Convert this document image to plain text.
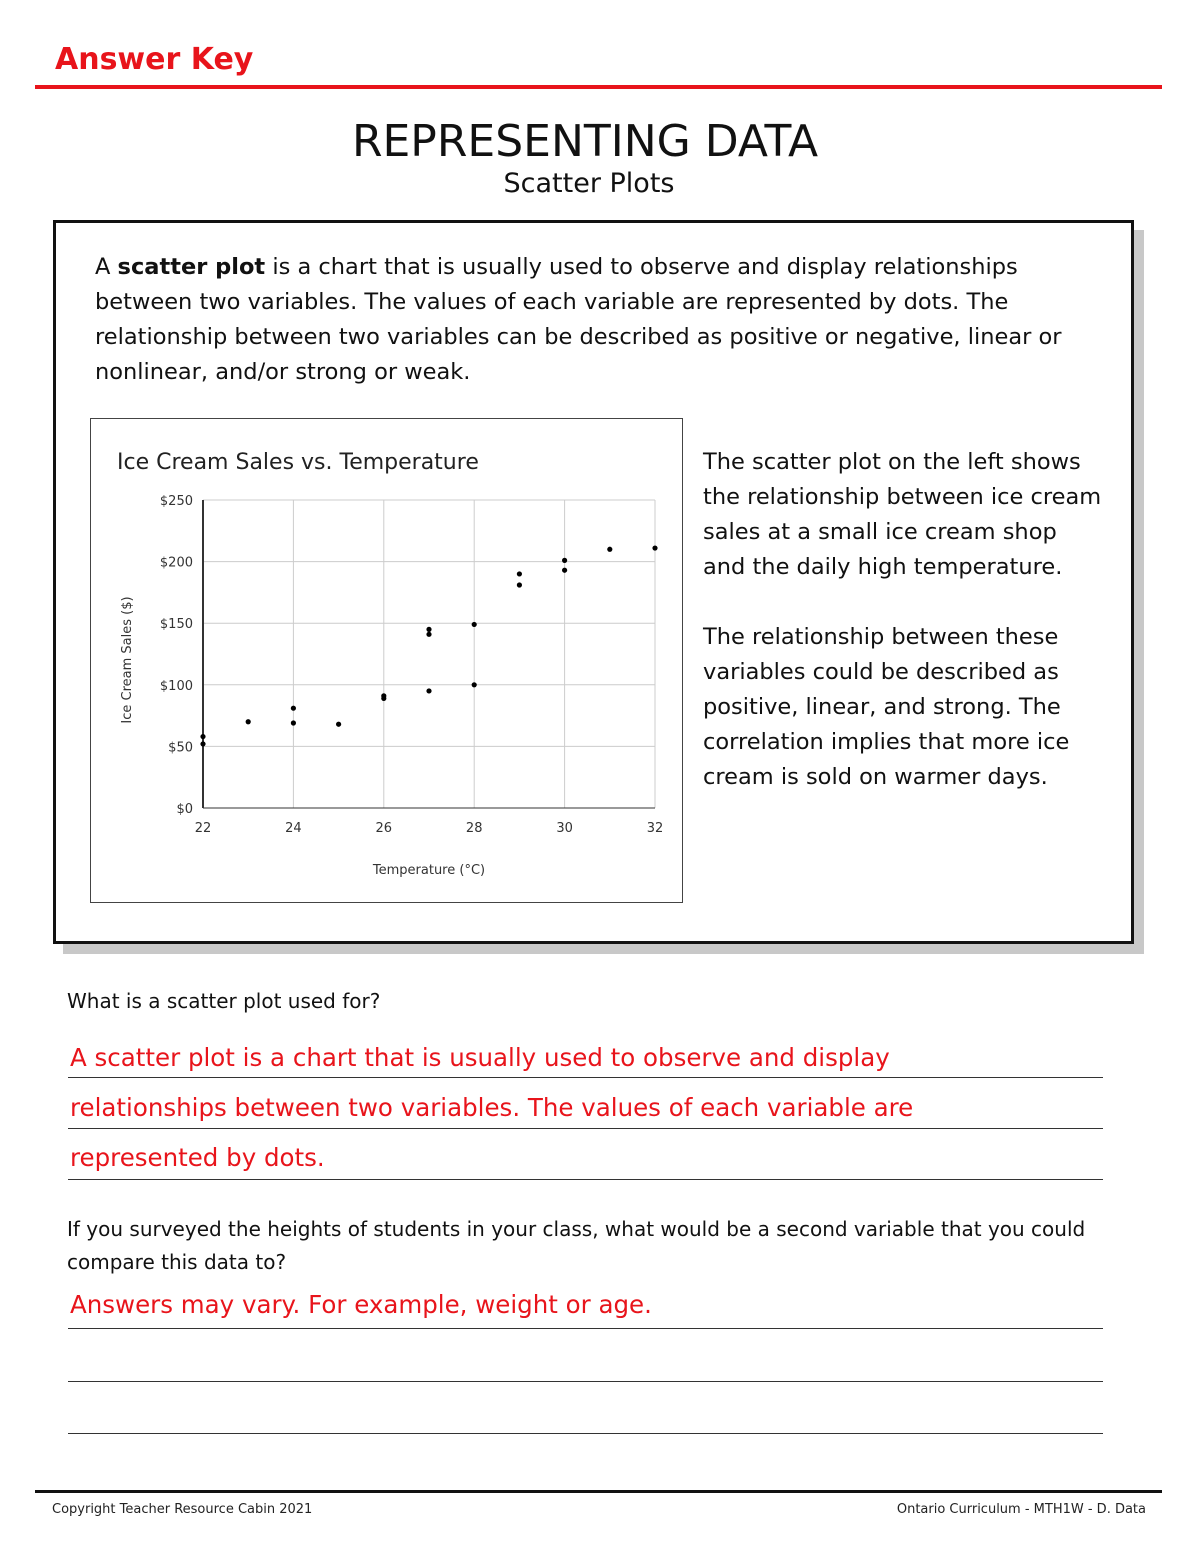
Answer Key
REPRESENTING DATA
Scatter Plots
A scatter plot is a chart that is usually used to observe and display relationships between two variables. The values of each variable are represented by dots. The relationship between two variables can be described as positive or negative, linear or nonlinear, and/or strong or weak.
Ice Cream Sales vs. Temperature
22	24	26	28	30	32
$0
$50
$100
$150
$200
$250
Temperature (°C)
Ice Cream Sales ($)

The scatter plot on the left shows the relationship between ice cream sales at a small ice cream shop and the daily high temperature.

The relationship between these variables could be described as positive, linear, and strong. The correlation implies that more ice cream is sold on warmer days.

What is a scatter plot used for?
A scatter plot is a chart that is usually used to observe and display
relationships between two variables. The values of each variable are
represented by dots.
If you surveyed the heights of students in your class, what would be a second variable that you could compare this data to?
Answers may vary. For example, weight or age.
Copyright Teacher Resource Cabin 2021	Ontario Curriculum - MTH1W - D. Data
